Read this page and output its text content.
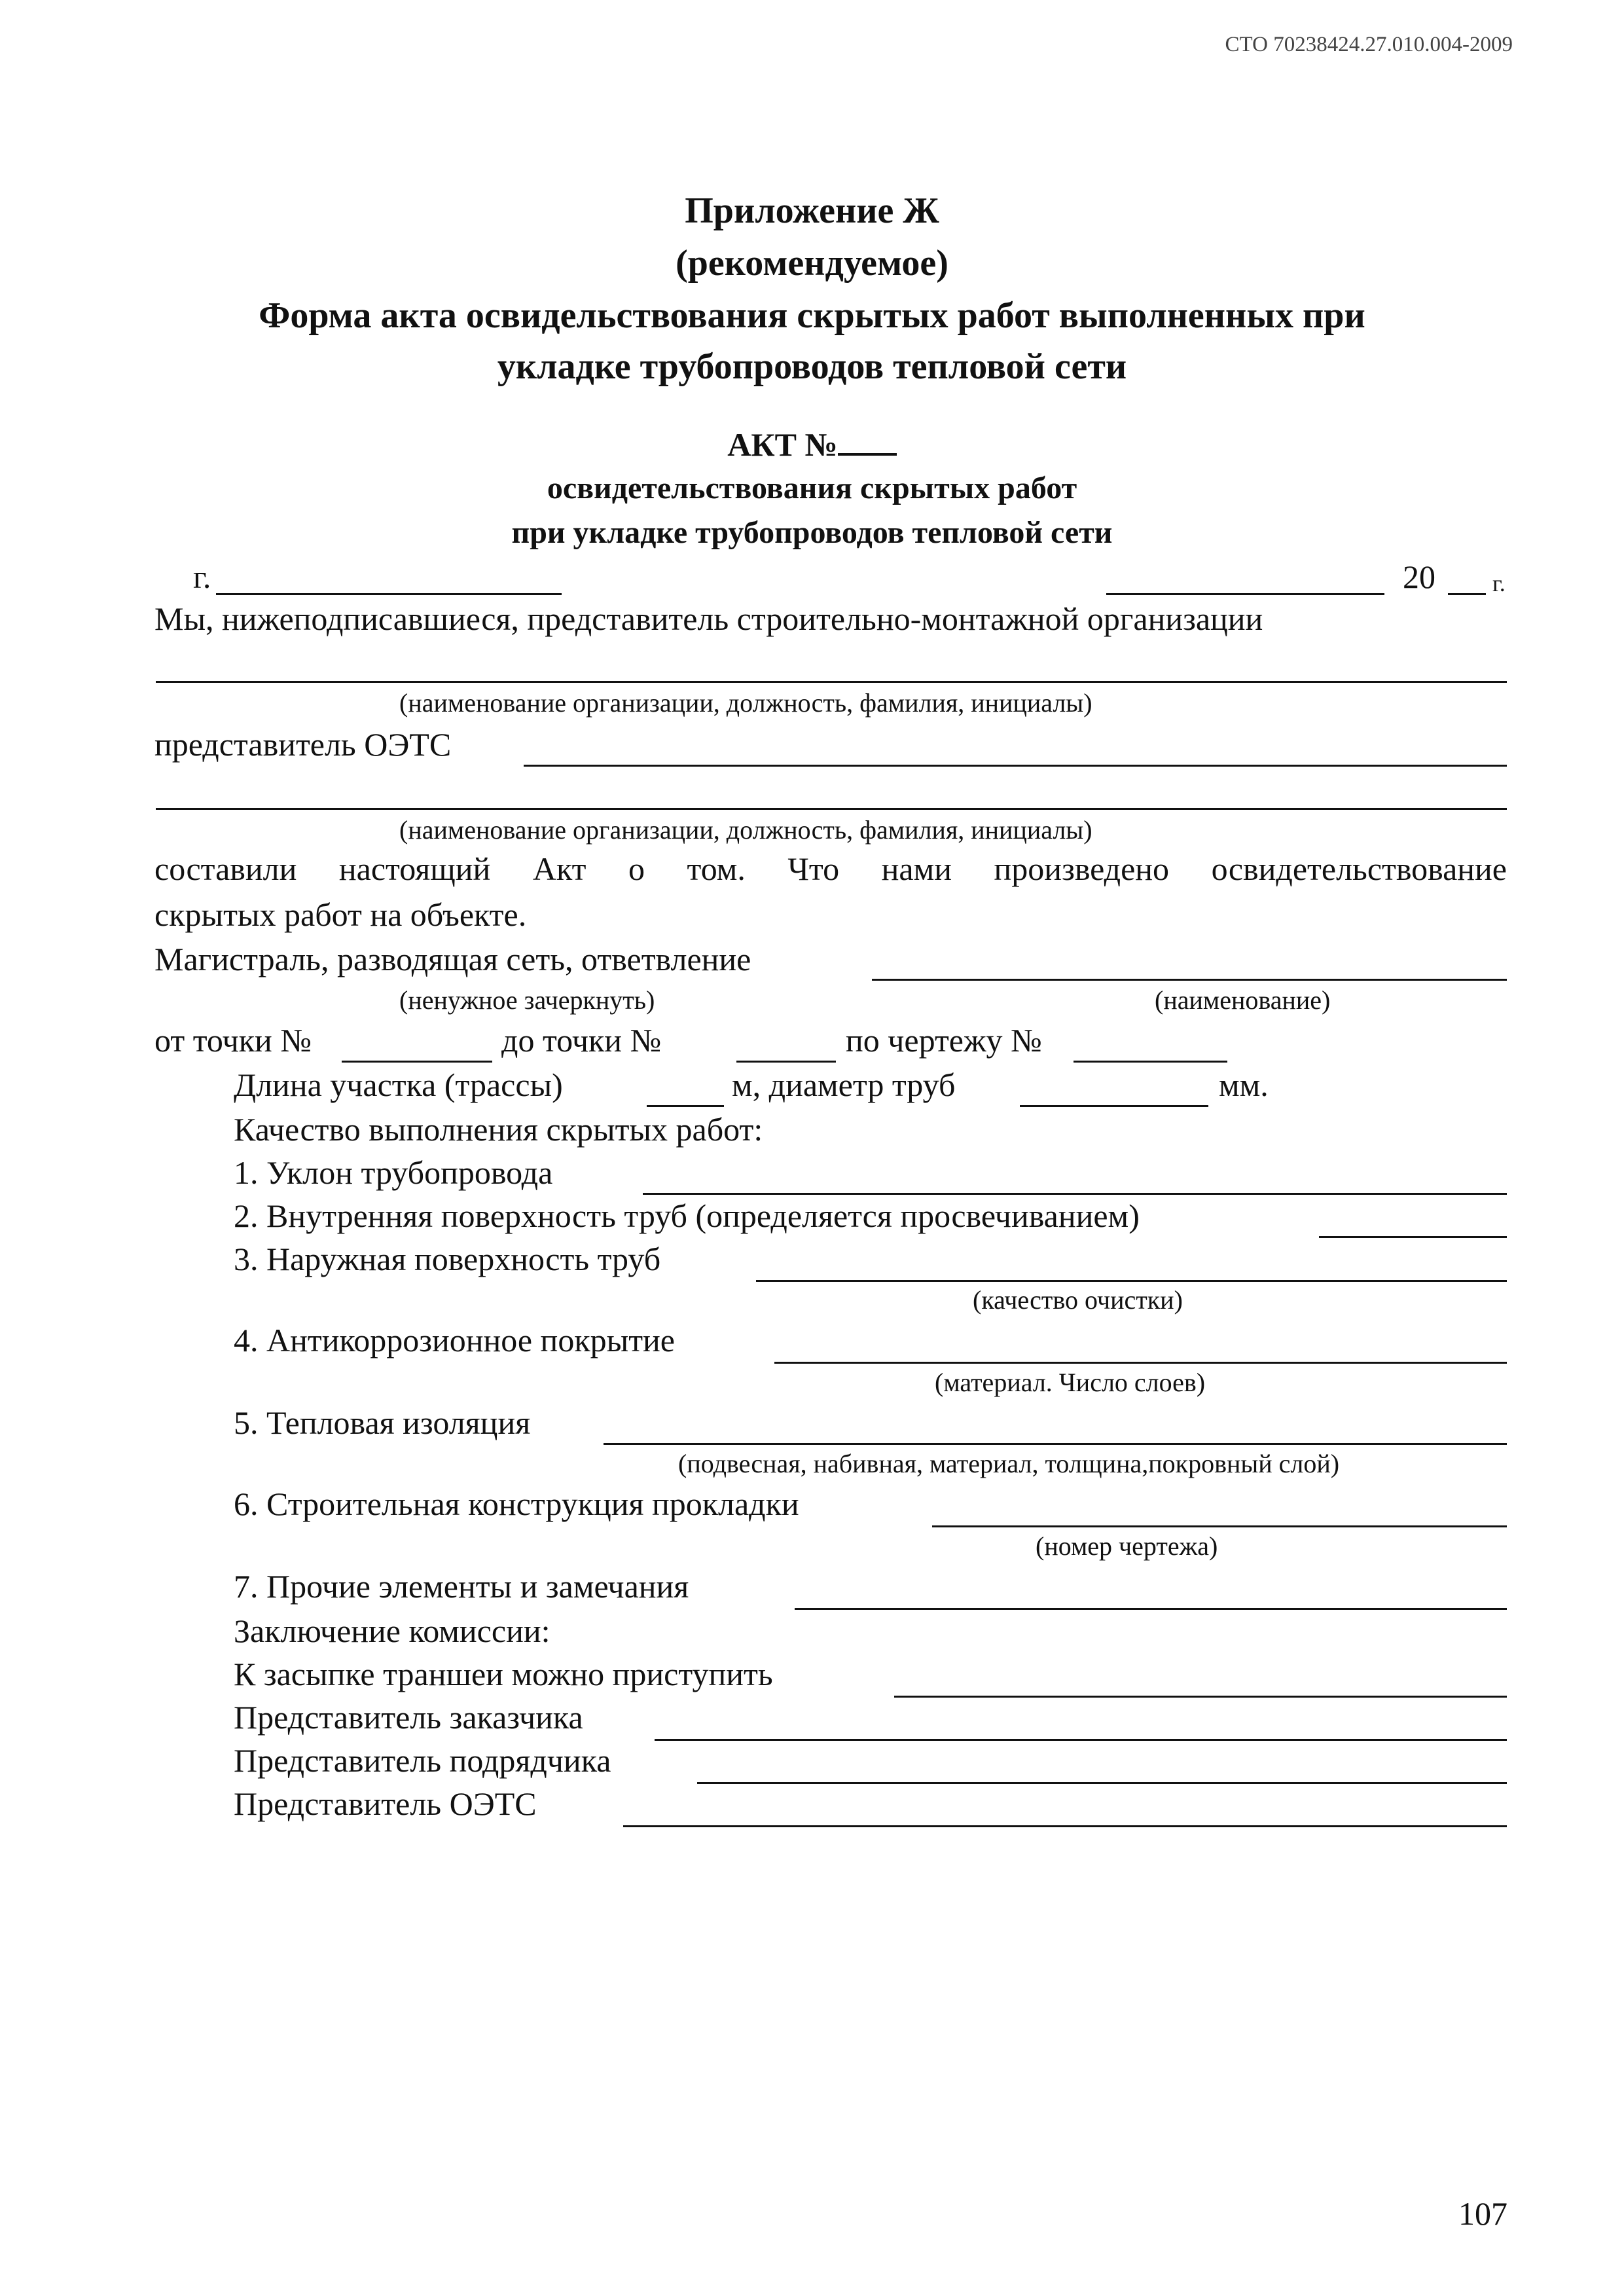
СТО 70238424.27.010.004-2009
Приложение Ж
(рекомендуемое)
Форма акта освидельствования скрытых работ выполненных при
укладке трубопроводов тепловой сети
АКТ №
освидетельствования скрытых работ
при укладке трубопроводов тепловой сети
г.	20 г.
Мы, нижеподписавшиеся, представитель строительно-монтажной организации
(наименование организации, должность, фамилия, инициалы)
представитель ОЭТС
(наименование организации, должность, фамилия, инициалы)
составили настоящий Акт о том. Что нами произведено освидетельствование
скрытых работ на объекте.
Магистраль, разводящая сеть, ответвление
(ненужное зачеркнуть)	(наименование)
от точки №	до точки №	по чертежу №
Длина участка (трассы)	м, диаметр труб	мм.
Качество выполнения скрытых работ:
1. Уклон трубопровода
2. Внутренняя поверхность труб (определяется просвечиванием)
3. Наружная поверхность труб
(качество очистки)
4. Антикоррозионное покрытие
(материал. Число слоев)
5. Тепловая изоляция
(подвесная, набивная, материал, толщина,покровный слой)
6. Строительная конструкция прокладки
(номер чертежа)
7. Прочие элементы и замечания
Заключение комиссии:
К засыпке траншеи можно приступить
Представитель заказчика
Представитель подрядчика
Представитель ОЭТС
107
